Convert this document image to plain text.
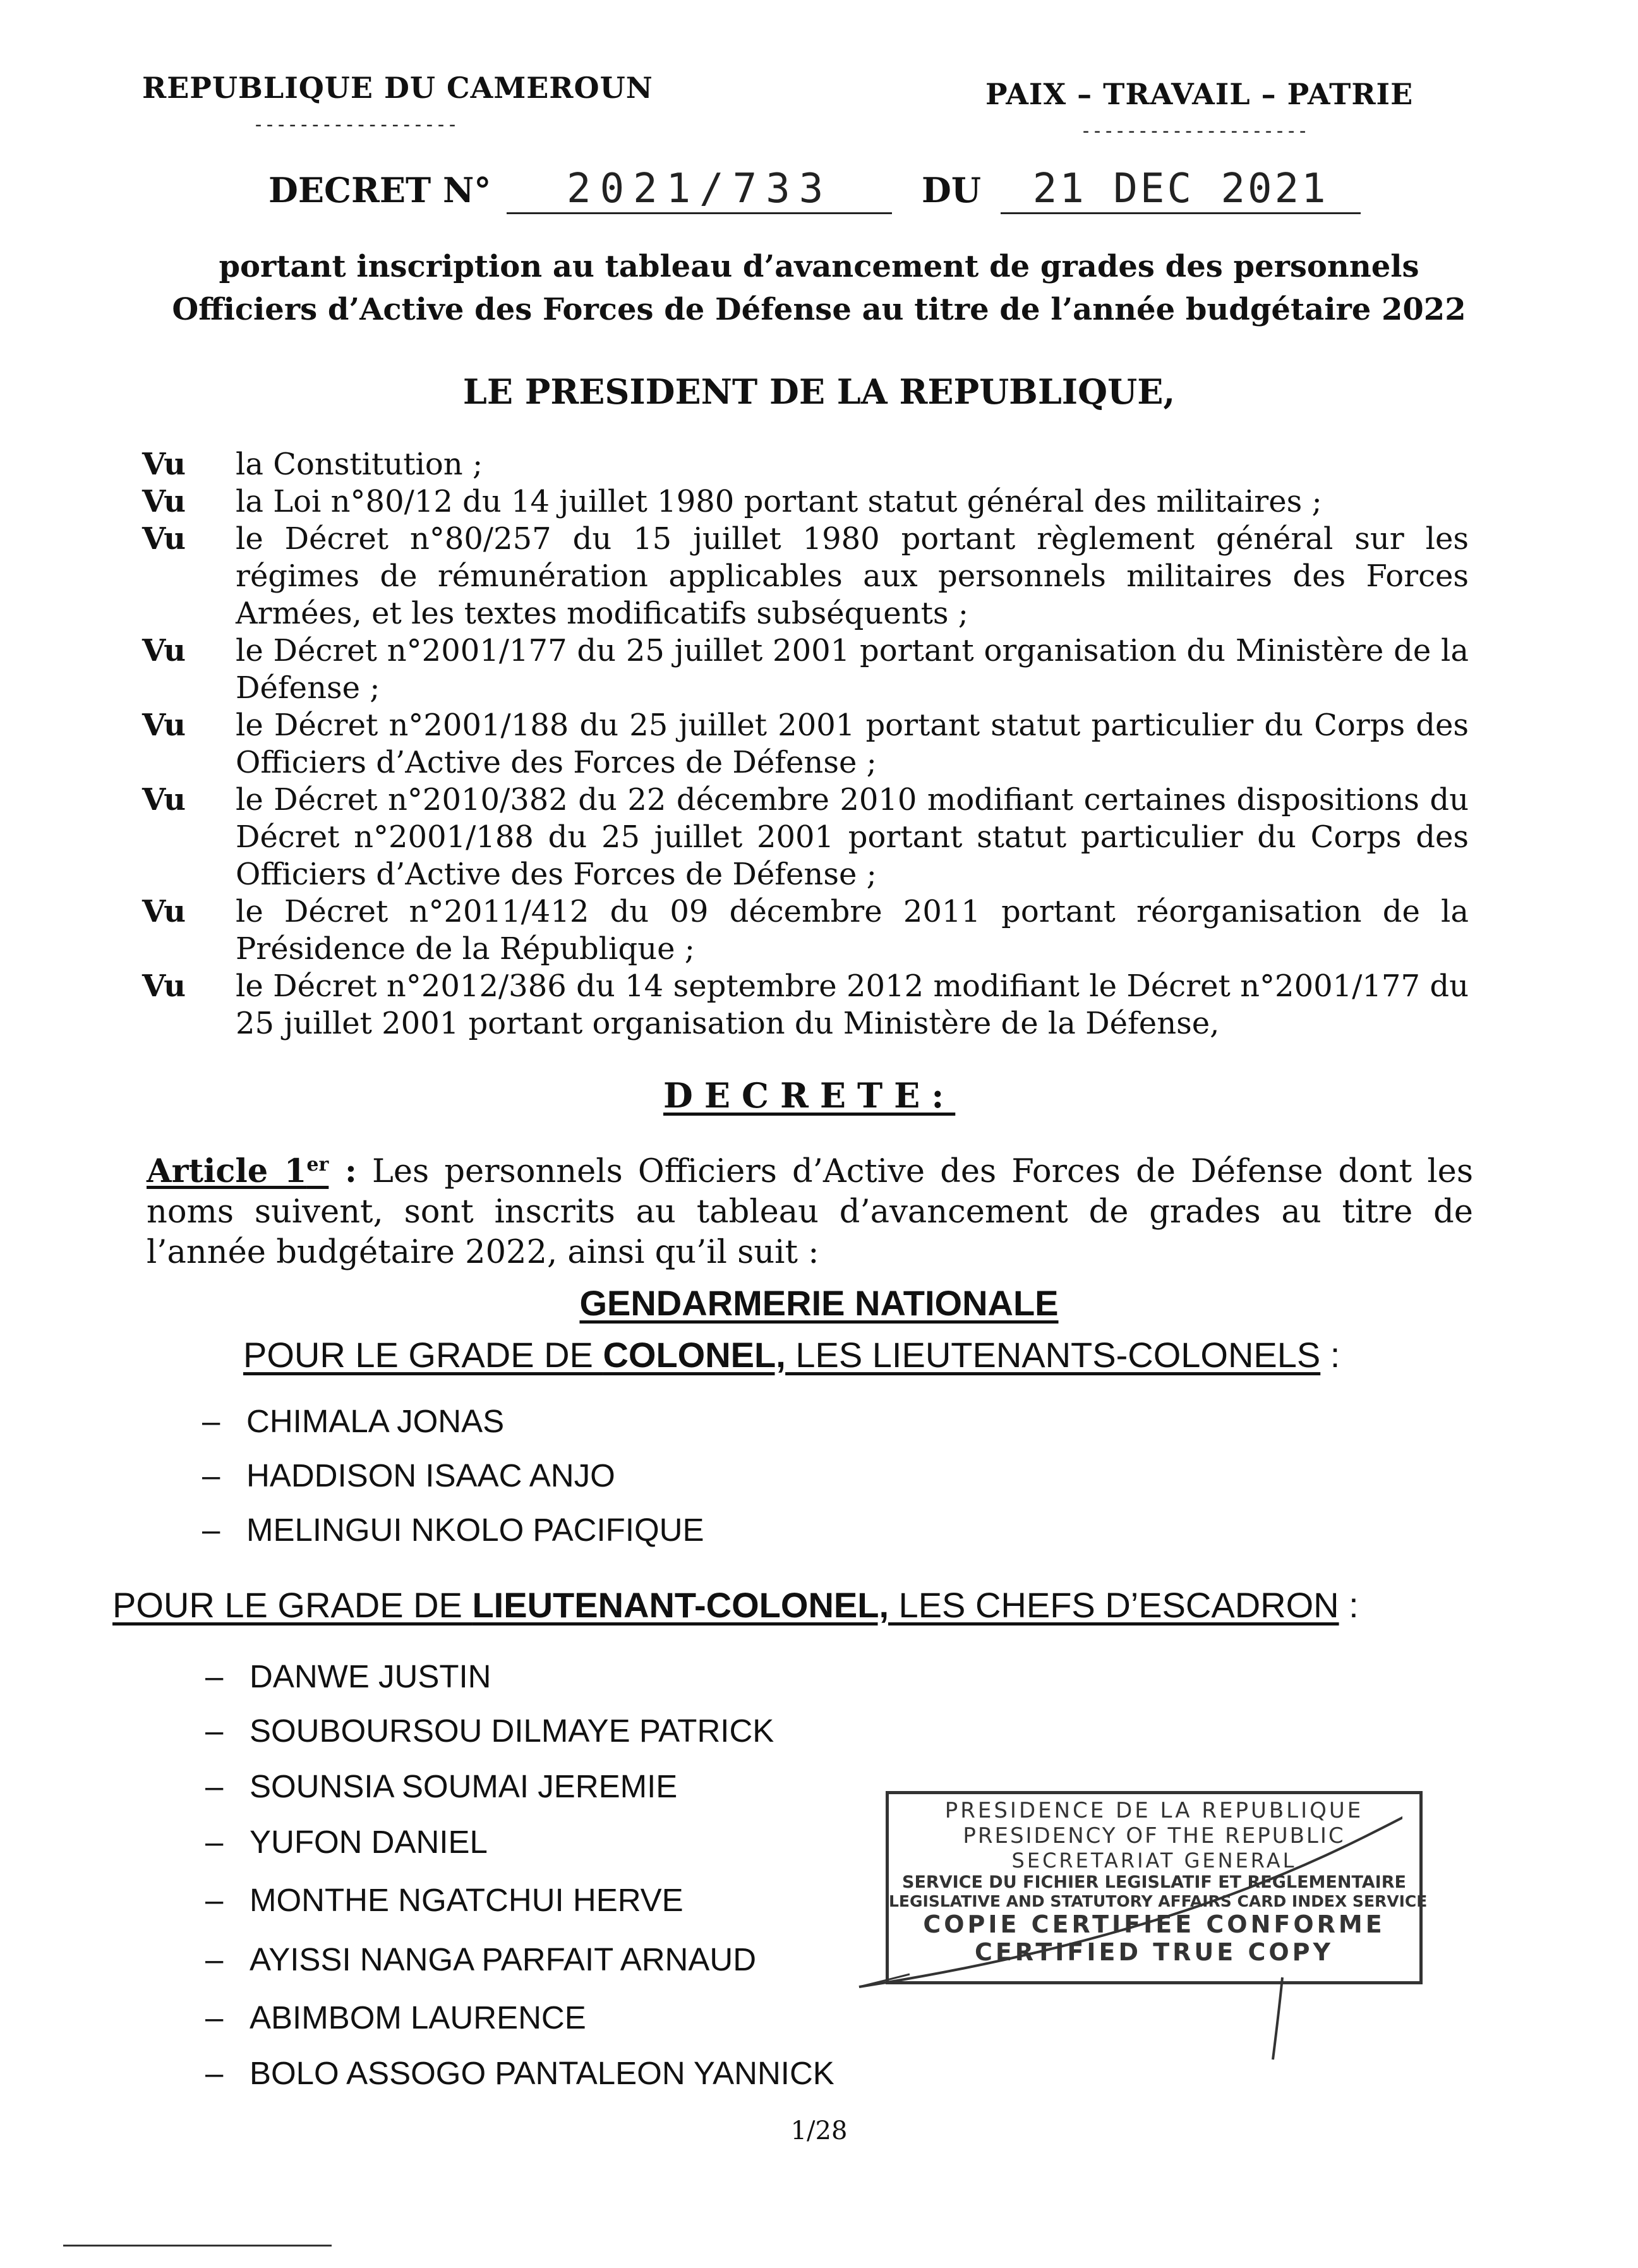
REPUBLIQUE DU CAMEROUN
------------------
PAIX – TRAVAIL – PATRIE
--------------------
DECRET N° 2021/733	DU 21 DEC 2021
portant inscription au tableau d’avancement de grades des personnels
Officiers d’Active des Forces de Défense au titre de l’année budgétaire 2022
LE PRESIDENT DE LA REPUBLIQUE,
Vu	la Constitution ;
Vu	la Loi n°80/12 du 14 juillet 1980 portant statut général des militaires ;
Vu	le Décret n°80/257 du 15 juillet 1980 portant règlement général sur les régimes de rémunération applicables aux personnels militaires des Forces Armées, et les textes modificatifs subséquents ;
Vu	le Décret n°2001/177 du 25 juillet 2001 portant organisation du Ministère de la Défense ;
Vu	le Décret n°2001/188 du 25 juillet 2001 portant statut particulier du Corps des Officiers d’Active des Forces de Défense ;
Vu	le Décret n°2010/382 du 22 décembre 2010 modifiant certaines dispositions du Décret n°2001/188 du 25 juillet 2001 portant statut particulier du Corps des Officiers d’Active des Forces de Défense ;
Vu	le Décret n°2011/412 du 09 décembre 2011 portant réorganisation de la Présidence de la République ;
Vu	le Décret n°2012/386 du 14 septembre 2012 modifiant le Décret n°2001/177 du 25 juillet 2001 portant organisation du Ministère de la Défense,
DECRETE:
Article 1er : Les personnels Officiers d’Active des Forces de Défense dont les noms suivent, sont inscrits au tableau d’avancement de grades au titre de l’année budgétaire 2022, ainsi qu’il suit :
GENDARMERIE NATIONALE
POUR LE GRADE DE COLONEL, LES LIEUTENANTS-COLONELS :
– CHIMALA JONAS
– HADDISON ISAAC ANJO
– MELINGUI NKOLO PACIFIQUE
POUR LE GRADE DE LIEUTENANT-COLONEL, LES CHEFS D’ESCADRON :
– DANWE JUSTIN
– SOUBOURSOU DILMAYE PATRICK
– SOUNSIA SOUMAI JEREMIE
– YUFON DANIEL
– MONTHE NGATCHUI HERVE
– AYISSI NANGA PARFAIT ARNAUD
– ABIMBOM LAURENCE
– BOLO ASSOGO PANTALEON YANNICK
PRESIDENCE DE LA REPUBLIQUE
PRESIDENCY OF THE REPUBLIC
SECRETARIAT GENERAL
SERVICE DU FICHIER LEGISLATIF ET REGLEMENTAIRE
LEGISLATIVE AND STATUTORY AFFAIRS CARD INDEX SERVICE
COPIE CERTIFIEE CONFORME
CERTIFIED TRUE COPY
1/28
